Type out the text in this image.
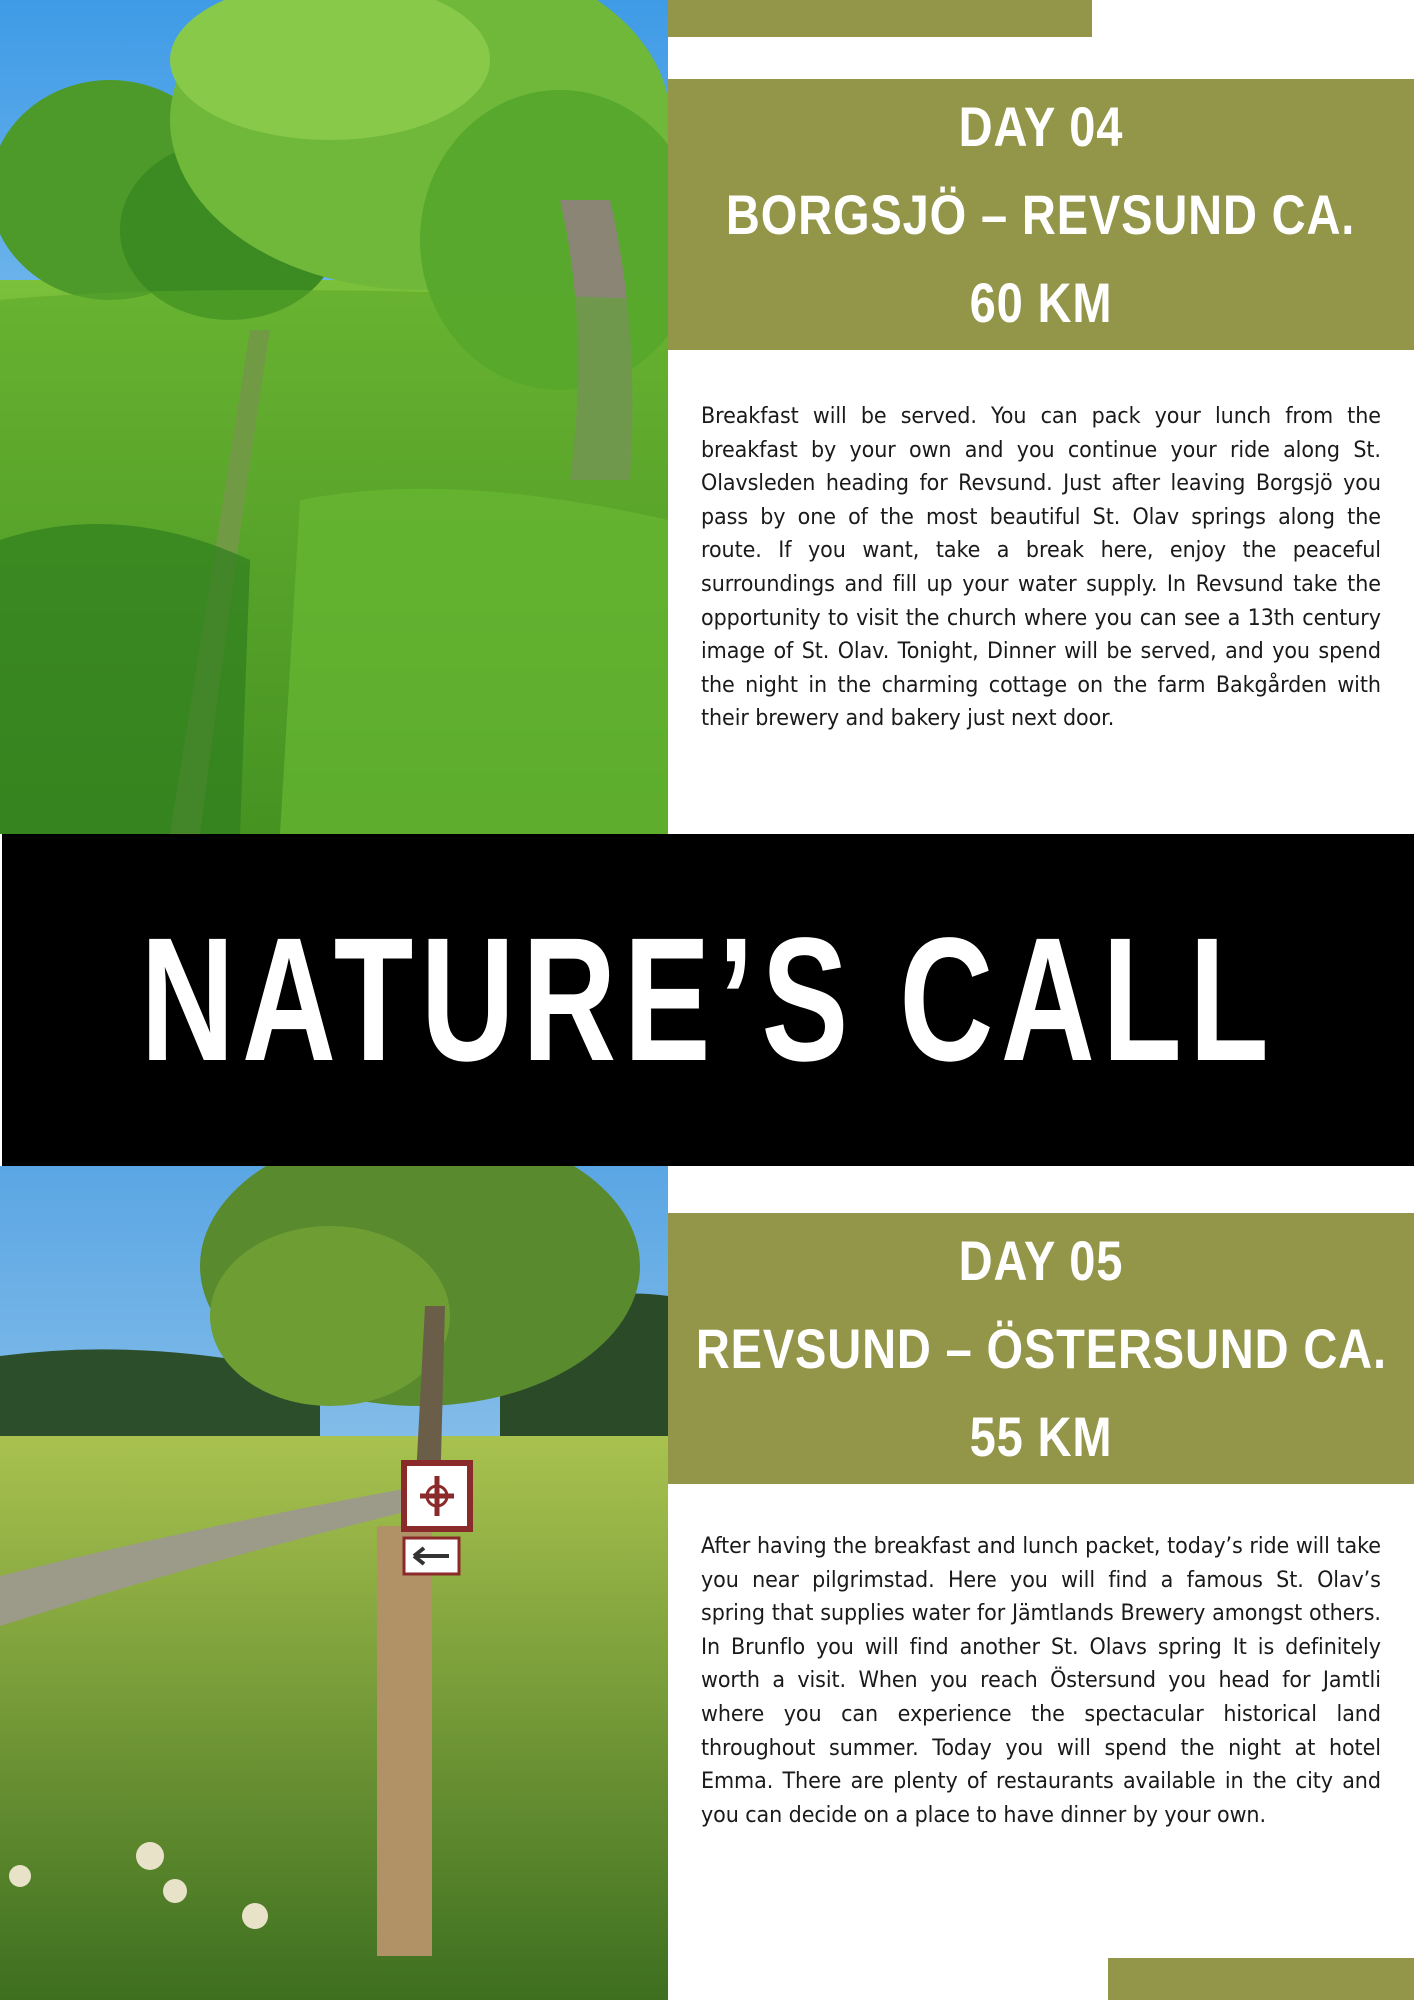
DAY 04
BORGSJÖ – REVSUND CA.
60 KM
Breakfast will be served. You can pack your lunch from the breakfast by your own and you continue your ride along St. Olavsleden heading for Revsund. Just after leaving Borgsjö you pass by one of the most beautiful St. Olav springs along the route. If you want, take a break here, enjoy the peaceful surroundings and fill up your water supply. In Revsund take the opportunity to visit the church where you can see a 13th century image of St. Olav. Tonight, Dinner will be served, and you spend the night in the charming cottage on the farm Bakgården with their brewery and bakery just next door.
NATURE’S CALL
DAY 05
REVSUND – ÖSTERSUND CA.
55 KM
After having the breakfast and lunch packet, today’s ride will take you near pilgrimstad. Here you will find a famous St. Olav’s spring that supplies water for Jämtlands Brewery amongst others. In Brunflo you will find another St. Olavs spring It is definitely worth a visit. When you reach Östersund you head for Jamtli where you can experience the spectacular historical land throughout summer. Today you will spend the night at hotel Emma. There are plenty of restaurants available in the city and you can decide on a place to have dinner by your own.
